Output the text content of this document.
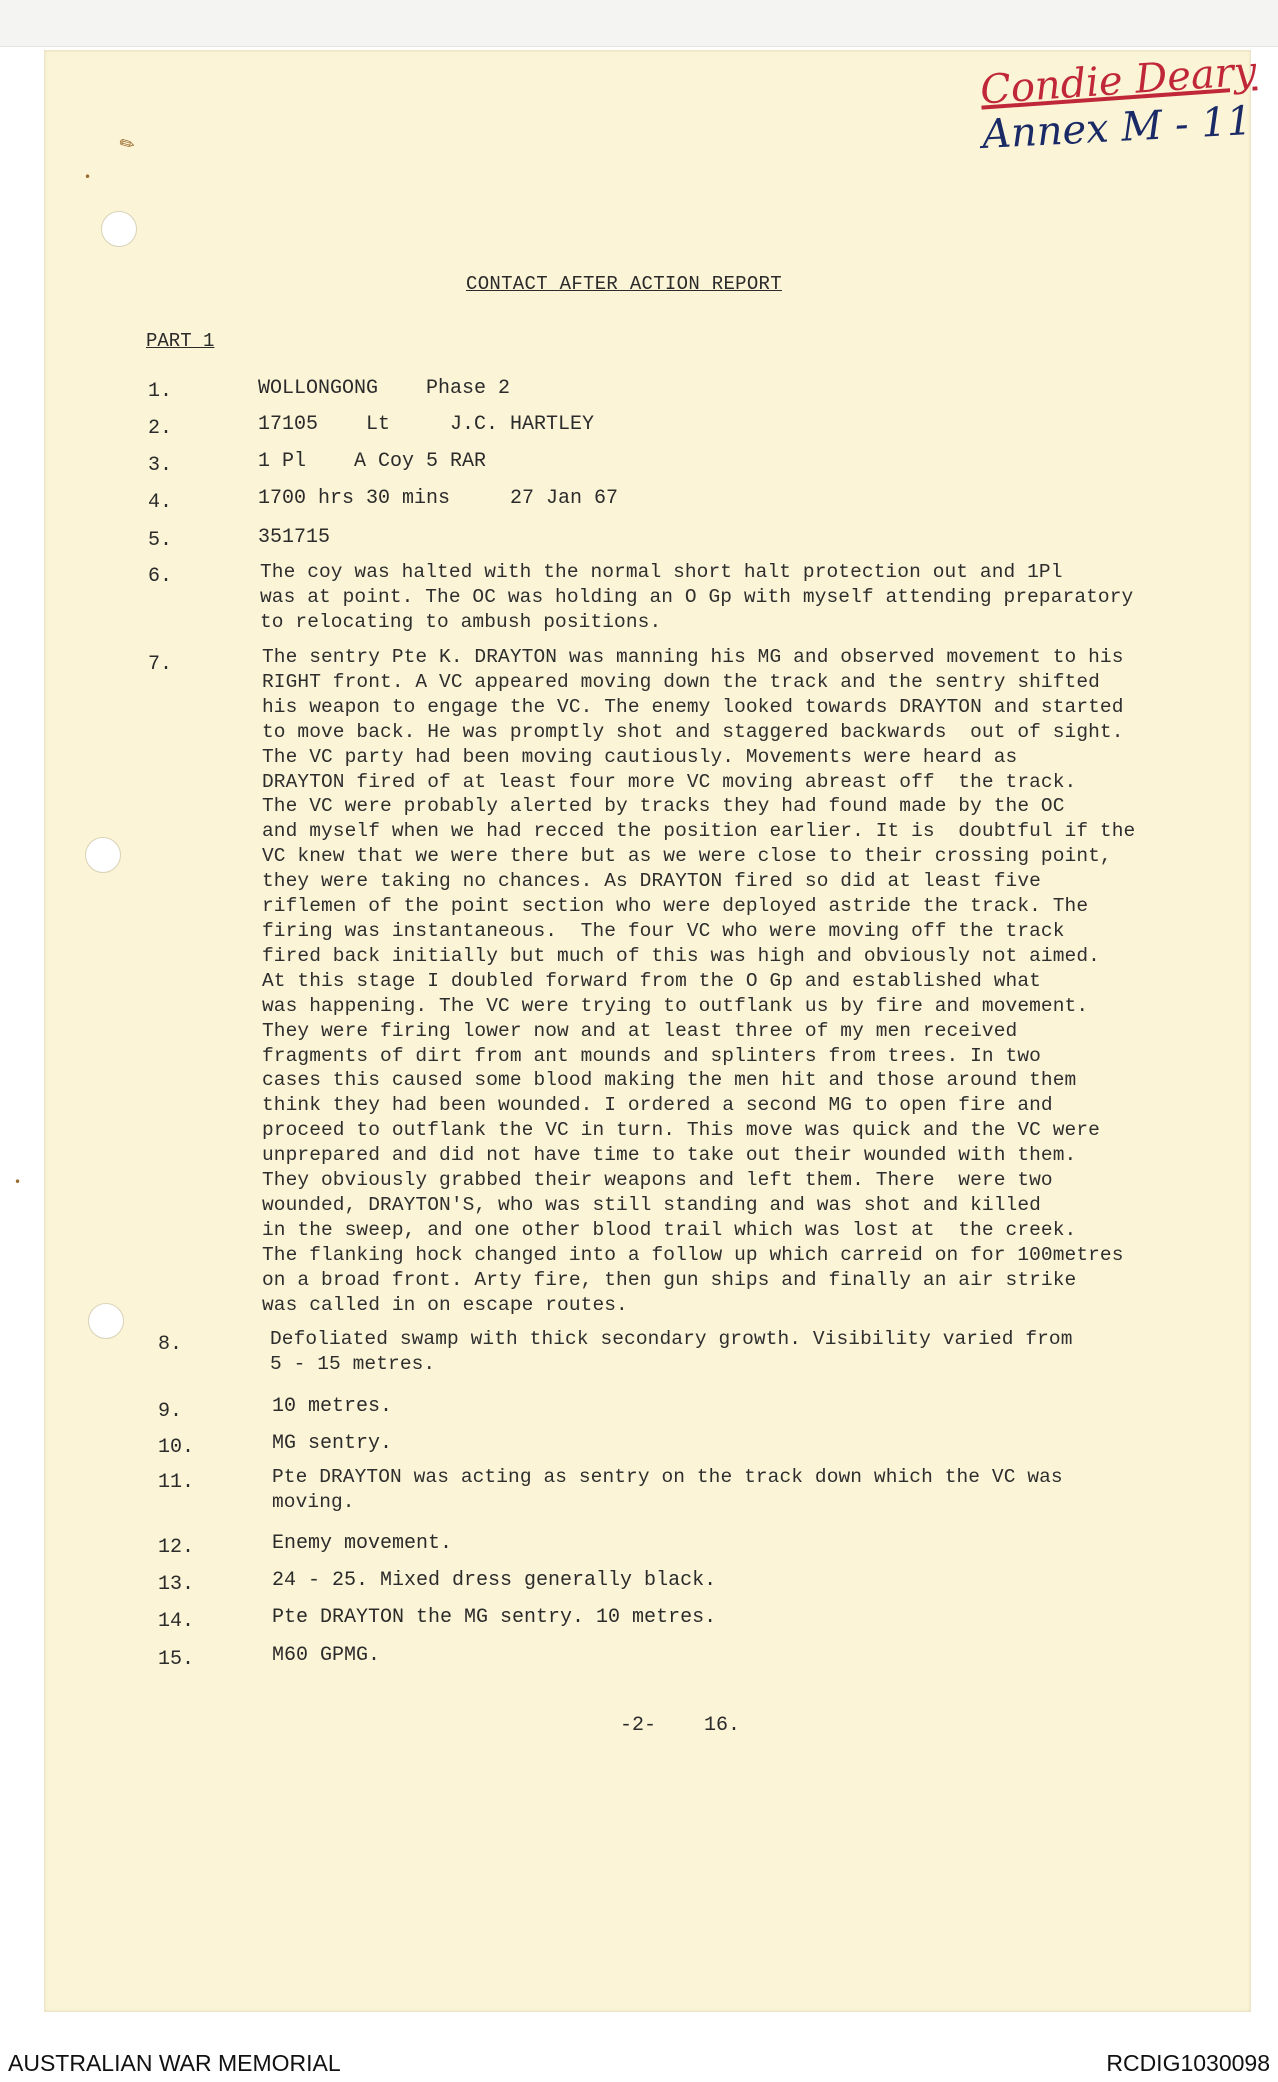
✎
•
•
Condie Deary
Annex M - 11
CONTACT AFTER ACTION REPORT
PART 1
1.	WOLLONGONG    Phase 2
2.	17105    Lt     J.C. HARTLEY
3.	1 Pl    A Coy 5 RAR
4.	1700 hrs 30 mins     27 Jan 67
5.	351715
6.	The coy was halted with the normal short halt protection out and 1Pl
was at point. The OC was holding an O Gp with myself attending preparatory
to relocating to ambush positions.
7.	The sentry Pte K. DRAYTON was manning his MG and observed movement to his
RIGHT front. A VC appeared moving down the track and the sentry shifted
his weapon to engage the VC. The enemy looked towards DRAYTON and started
to move back. He was promptly shot and staggered backwards  out of sight.
The VC party had been moving cautiously. Movements were heard as
DRAYTON fired of at least four more VC moving abreast off  the track.
The VC were probably alerted by tracks they had found made by the OC
and myself when we had recced the position earlier. It is  doubtful if the
VC knew that we were there but as we were close to their crossing point,
they were taking no chances. As DRAYTON fired so did at least five
riflemen of the point section who were deployed astride the track. The
firing was instantaneous.  The four VC who were moving off the track
fired back initially but much of this was high and obviously not aimed.
At this stage I doubled forward from the O Gp and established what
was happening. The VC were trying to outflank us by fire and movement.
They were firing lower now and at least three of my men received
fragments of dirt from ant mounds and splinters from trees. In two
cases this caused some blood making the men hit and those around them
think they had been wounded. I ordered a second MG to open fire and
proceed to outflank the VC in turn. This move was quick and the VC were
unprepared and did not have time to take out their wounded with them.
They obviously grabbed their weapons and left them. There  were two
wounded, DRAYTON'S, who was still standing and was shot and killed
in the sweep, and one other blood trail which was lost at  the creek.
The flanking hock changed into a follow up which carreid on for 100metres
on a broad front. Arty fire, then gun ships and finally an air strike
was called in on escape routes.
8.	Defoliated swamp with thick secondary growth. Visibility varied from
5 - 15 metres.
9.	10 metres.
10.	MG sentry.
11.	Pte DRAYTON was acting as sentry on the track down which the VC was
moving.
12.	Enemy movement.
13.	24 - 25. Mixed dress generally black.
14.	Pte DRAYTON the MG sentry. 10 metres.
15.	M60 GPMG.
-2-    16.
AUSTRALIAN WAR MEMORIAL	RCDIG1030098
